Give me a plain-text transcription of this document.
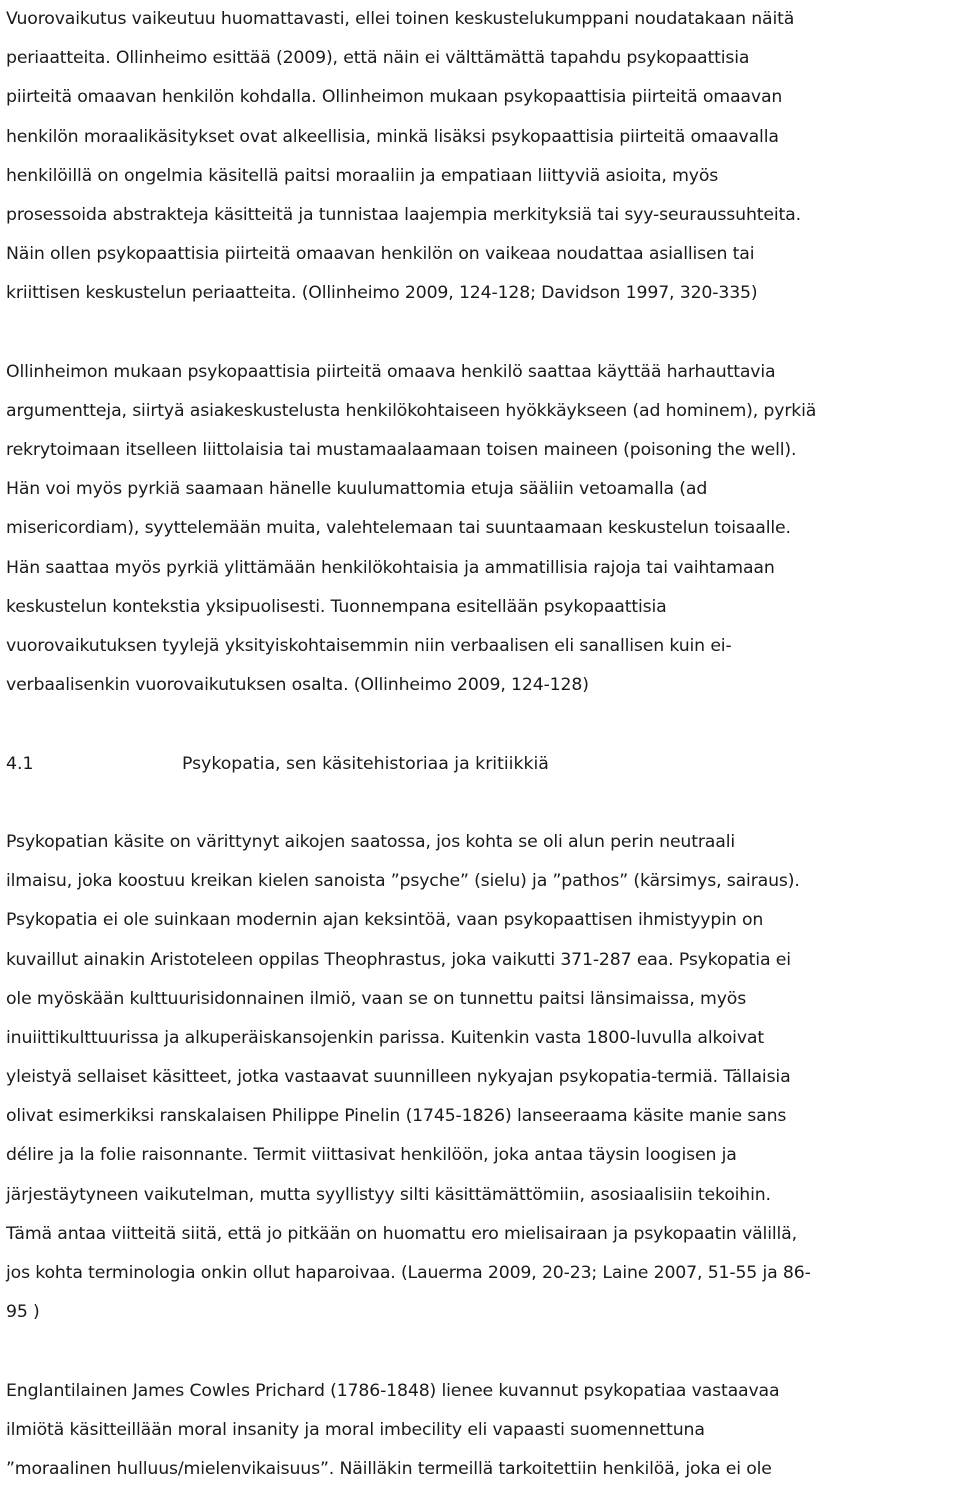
Vuorovaikutus vaikeutuu huomattavasti, ellei toinen keskustelukumppani noudatakaan näitä
periaatteita. Ollinheimo esittää (2009), että näin ei välttämättä tapahdu psykopaattisia
piirteitä omaavan henkilön kohdalla. Ollinheimon mukaan psykopaattisia piirteitä omaavan
henkilön moraalikäsitykset ovat alkeellisia, minkä lisäksi psykopaattisia piirteitä omaavalla
henkilöillä on ongelmia käsitellä paitsi moraaliin ja empatiaan liittyviä asioita, myös
prosessoida abstrakteja käsitteitä ja tunnistaa laajempia merkityksiä tai syy-seuraussuhteita.
Näin ollen psykopaattisia piirteitä omaavan henkilön on vaikeaa noudattaa asiallisen tai
kriittisen keskustelun periaatteita. (Ollinheimo 2009, 124-128; Davidson 1997, 320-335)
Ollinheimon mukaan psykopaattisia piirteitä omaava henkilö saattaa käyttää harhauttavia
argumentteja, siirtyä asiakeskustelusta henkilökohtaiseen hyökkäykseen (ad hominem), pyrkiä
rekrytoimaan itselleen liittolaisia tai mustamaalaamaan toisen maineen (poisoning the well).
Hän voi myös pyrkiä saamaan hänelle kuulumattomia etuja sääliin vetoamalla (ad
misericordiam), syyttelemään muita, valehtelemaan tai suuntaamaan keskustelun toisaalle.
Hän saattaa myös pyrkiä ylittämään henkilökohtaisia ja ammatillisia rajoja tai vaihtamaan
keskustelun kontekstia yksipuolisesti. Tuonnempana esitellään psykopaattisia
vuorovaikutuksen tyylejä yksityiskohtaisemmin niin verbaalisen eli sanallisen kuin ei-
verbaalisenkin vuorovaikutuksen osalta. (Ollinheimo 2009, 124-128)
4.1	Psykopatia, sen käsitehistoriaa ja kritiikkiä
Psykopatian käsite on värittynyt aikojen saatossa, jos kohta se oli alun perin neutraali
ilmaisu, joka koostuu kreikan kielen sanoista ”psyche” (sielu) ja ”pathos” (kärsimys, sairaus).
Psykopatia ei ole suinkaan modernin ajan keksintöä, vaan psykopaattisen ihmistyypin on
kuvaillut ainakin Aristoteleen oppilas Theophrastus, joka vaikutti 371-287 eaa. Psykopatia ei
ole myöskään kulttuurisidonnainen ilmiö, vaan se on tunnettu paitsi länsimaissa, myös
inuiittikulttuurissa ja alkuperäiskansojenkin parissa. Kuitenkin vasta 1800-luvulla alkoivat
yleistyä sellaiset käsitteet, jotka vastaavat suunnilleen nykyajan psykopatia-termiä. Tällaisia
olivat esimerkiksi ranskalaisen Philippe Pinelin (1745-1826) lanseeraama käsite manie sans
délire ja la folie raisonnante. Termit viittasivat henkilöön, joka antaa täysin loogisen ja
järjestäytyneen vaikutelman, mutta syyllistyy silti käsittämättömiin, asosiaalisiin tekoihin.
Tämä antaa viitteitä siitä, että jo pitkään on huomattu ero mielisairaan ja psykopaatin välillä,
jos kohta terminologia onkin ollut haparoivaa. (Lauerma 2009, 20-23; Laine 2007, 51-55 ja 86-
95 )
Englantilainen James Cowles Prichard (1786-1848) lienee kuvannut psykopatiaa vastaavaa
ilmiötä käsitteillään moral insanity ja moral imbecility eli vapaasti suomennettuna
”moraalinen hulluus/mielenvikaisuus”. Näilläkin termeillä tarkoitettiin henkilöä, joka ei ole
